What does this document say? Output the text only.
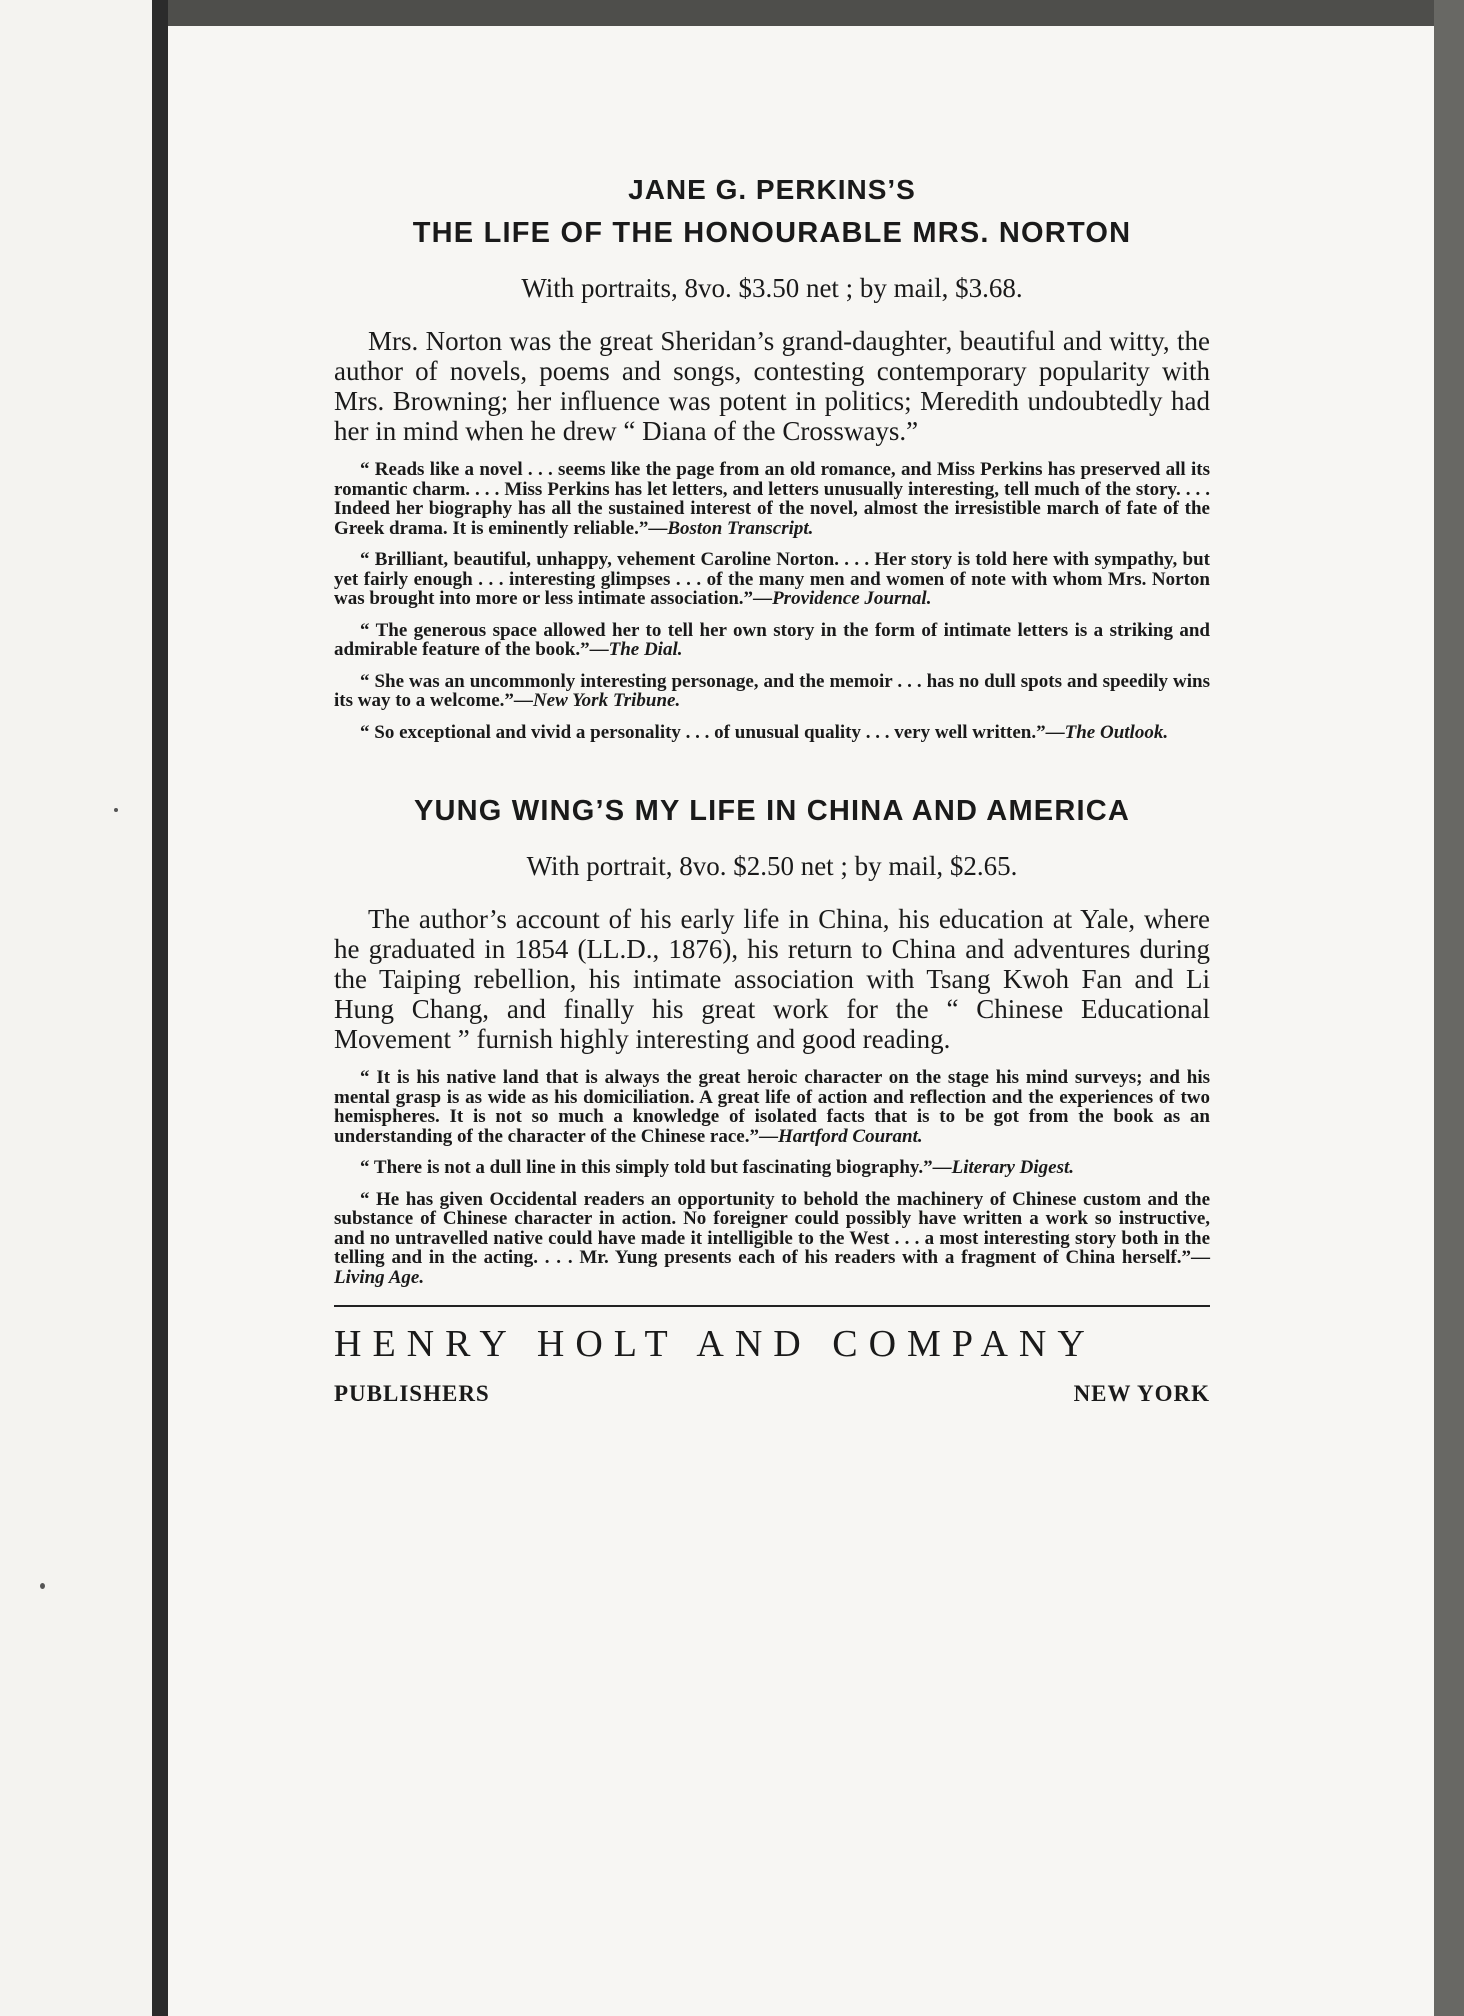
JANE G. PERKINS’S
THE LIFE OF THE HONOURABLE MRS. NORTON

With portraits, 8vo. $3.50 net ; by mail, $3.68.

Mrs. Norton was the great Sheridan’s grand-daughter, beautiful and witty, the author of novels, poems and songs, contesting contemporary popularity with Mrs. Browning; her influence was potent in politics; Meredith undoubtedly had her in mind when he drew “ Diana of the Crossways.”

“ Reads like a novel . . . seems like the page from an old romance, and Miss Perkins has preserved all its romantic charm. . . . Miss Perkins has let letters, and letters unusually interesting, tell much of the story. . . . Indeed her biography has all the sustained interest of the novel, almost the irresistible march of fate of the Greek drama. It is eminently reliable.”—Boston Transcript.

“ Brilliant, beautiful, unhappy, vehement Caroline Norton. . . . Her story is told here with sympathy, but yet fairly enough . . . interesting glimpses . . . of the many men and women of note with whom Mrs. Norton was brought into more or less intimate association.”—Providence Journal.

“ The generous space allowed her to tell her own story in the form of intimate letters is a striking and admirable feature of the book.”—The Dial.

“ She was an uncommonly interesting personage, and the memoir . . . has no dull spots and speedily wins its way to a welcome.”—New York Tribune.

“ So exceptional and vivid a personality . . . of unusual quality . . . very well written.”—The Outlook.

YUNG WING’S MY LIFE IN CHINA AND AMERICA

With portrait, 8vo. $2.50 net ; by mail, $2.65.

The author’s account of his early life in China, his education at Yale, where he graduated in 1854 (LL.D., 1876), his return to China and adventures during the Taiping rebellion, his intimate association with Tsang Kwoh Fan and Li Hung Chang, and finally his great work for the “ Chinese Educational Movement ” furnish highly interesting and good reading.

“ It is his native land that is always the great heroic character on the stage his mind surveys; and his mental grasp is as wide as his domiciliation. A great life of action and reflection and the experiences of two hemispheres. It is not so much a knowledge of isolated facts that is to be got from the book as an understanding of the character of the Chinese race.”—Hartford Courant.

“ There is not a dull line in this simply told but fascinating biography.”—Literary Digest.

“ He has given Occidental readers an opportunity to behold the machinery of Chinese custom and the substance of Chinese character in action. No foreigner could possibly have written a work so instructive, and no untravelled native could have made it intelligible to the West . . . a most interesting story both in the telling and in the acting. . . . Mr. Yung presents each of his readers with a fragment of China herself.”—Living Age.

HENRY HOLT AND COMPANY
PUBLISHERS	NEW YORK
